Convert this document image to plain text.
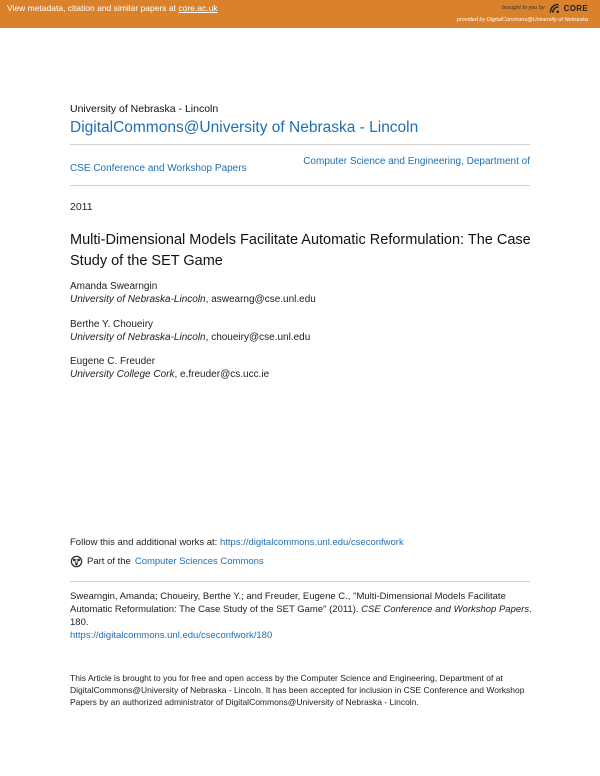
View metadata, citation and similar papers at core.ac.uk	brought to you by CORE
provided by DigitalCommons@University of Nebraska
University of Nebraska - Lincoln
DigitalCommons@University of Nebraska - Lincoln
CSE Conference and Workshop Papers
Computer Science and Engineering, Department of
2011
Multi-Dimensional Models Facilitate Automatic Reformulation: The Case Study of the SET Game
Amanda Swearngin
University of Nebraska-Lincoln, aswearng@cse.unl.edu
Berthe Y. Choueiry
University of Nebraska-Lincoln, choueiry@cse.unl.edu
Eugene C. Freuder
University College Cork, e.freuder@cs.ucc.ie
Follow this and additional works at: https://digitalcommons.unl.edu/cseconfwork
Part of the Computer Sciences Commons
Swearngin, Amanda; Choueiry, Berthe Y.; and Freuder, Eugene C., "Multi-Dimensional Models Facilitate Automatic Reformulation: The Case Study of the SET Game" (2011). CSE Conference and Workshop Papers. 180.
https://digitalcommons.unl.edu/cseconfwork/180
This Article is brought to you for free and open access by the Computer Science and Engineering, Department of at DigitalCommons@University of Nebraska - Lincoln. It has been accepted for inclusion in CSE Conference and Workshop Papers by an authorized administrator of DigitalCommons@University of Nebraska - Lincoln.
